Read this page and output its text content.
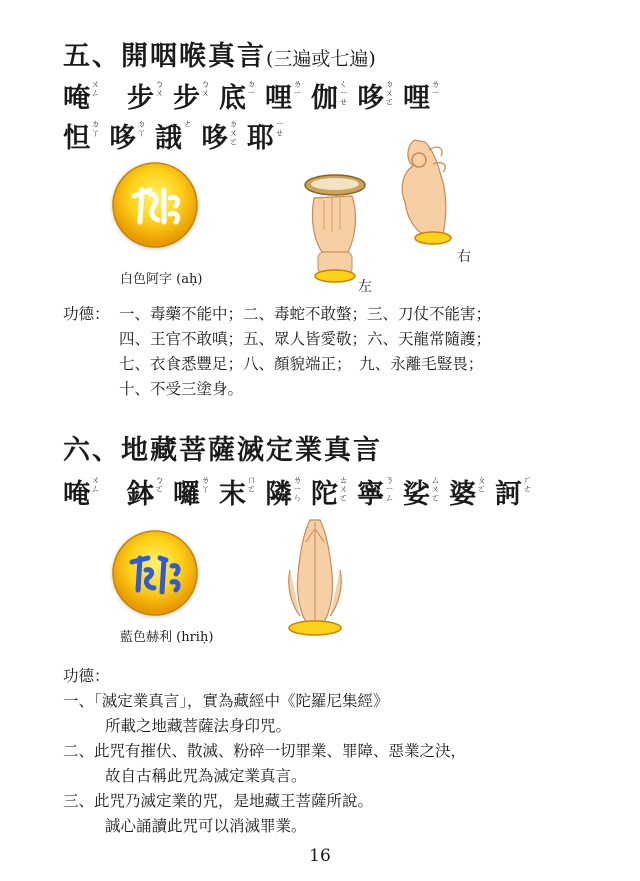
五、開咽喉真言(三遍或七遍)
唵 ㄨㄥ 步 ㄅㄨ 步 ㄅㄨ 底 ㄉㄧ 哩 ㄌㄧ 伽 ㄑㄧㄝ 哆 ㄉㄨㄛ 哩 ㄌㄧ
怛 ㄉㄚ 哆 ㄉㄚ 誐 ㄜ 哆 ㄉㄨㄛ 耶 ㄧㄝ
白色阿字 (aḥ)	左
右
功德： 一、毒藥不能中；二、毒蛇不敢螫；三、刀仗不能害；
四、王官不敢嗔；五、眾人皆愛敬；六、天龍常隨護；
七、衣食悉豐足；八、顏貌端正；　九、永離毛豎畏；
十、不受三塗身。
六、地藏菩薩滅定業真言
唵 ㄨㄥ 鉢 ㄅㄛ 囉 ㄌㄚ 末 ㄇㄛ 隣 ㄌㄧㄣ 陀 ㄊㄨㄛ 寧 ㄋㄧㄥ 娑 ㄙㄨㄛ 婆 ㄆㄛ 訶 ㄏㄜ
藍色赫利 (hriḥ)
功德：
一、「滅定業真言」，實為藏經中《陀羅尼集經》
所載之地藏菩薩法身印咒。
二、此咒有摧伏、散滅、粉碎一切罪業、罪障、惡業之決，
故自古稱此咒為滅定業真言。
三、此咒乃滅定業的咒，是地藏王菩薩所說。
誠心誦讀此咒可以消滅罪業。
16
